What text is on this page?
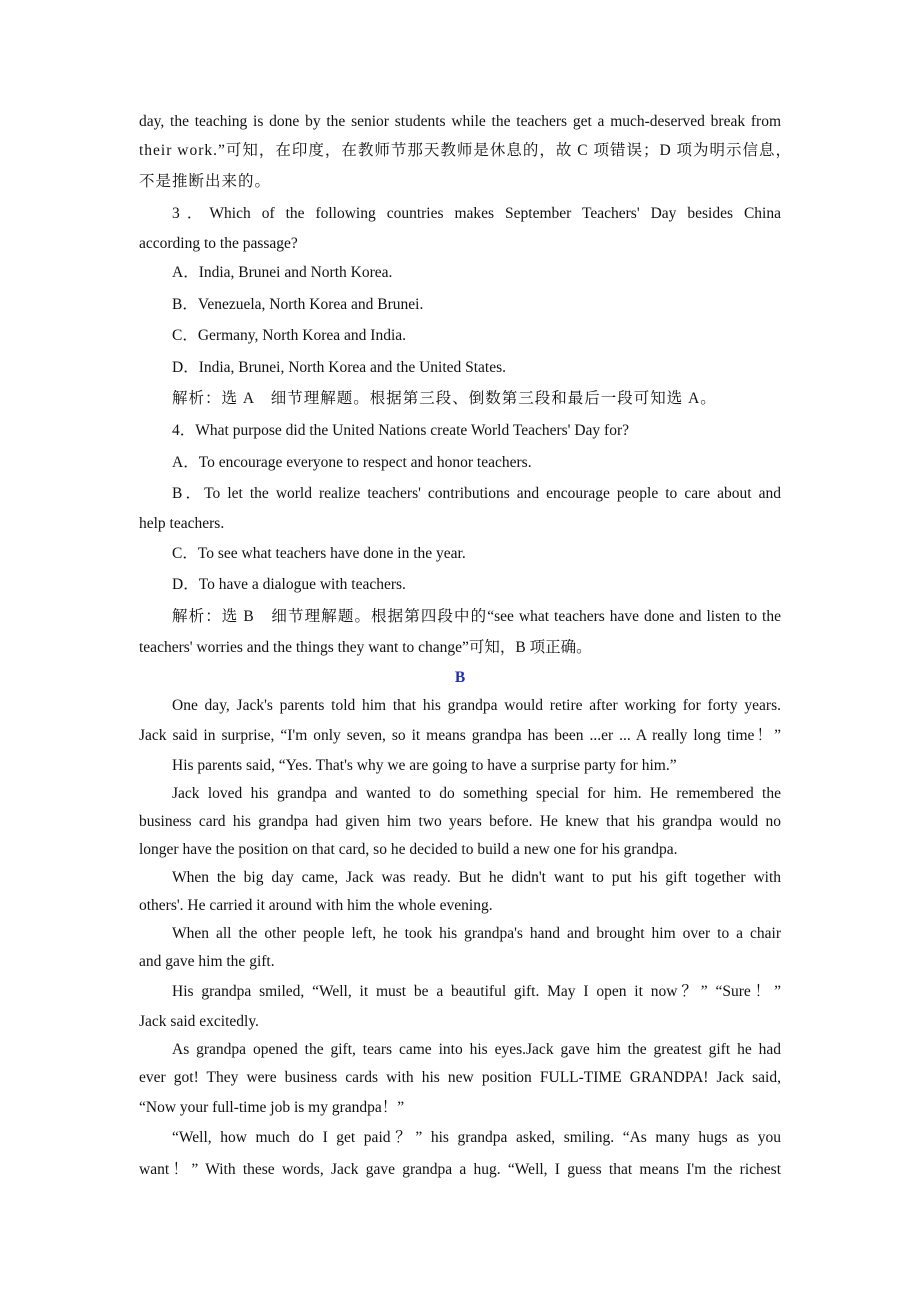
day, the teaching is done by the senior students while the teachers get a much-deserved break from
their work.”可知，在印度，在教师节那天教师是休息的，故 C 项错误；D 项为明示信息，
不是推断出来的。
3．Which of the following countries makes September Teachers' Day besides China
according to the passage?
A．India, Brunei and North Korea.
B．Venezuela, North Korea and Brunei.
C．Germany, North Korea and India.
D．India, Brunei, North Korea and the United States.
解析：选 A　细节理解题。根据第三段、倒数第三段和最后一段可知选 A。
4．What purpose did the United Nations create World Teachers' Day for?
A．To encourage everyone to respect and honor teachers.
B．To let the world realize teachers' contributions and encourage people to care about and
help teachers.
C．To see what teachers have done in the year.
D．To have a dialogue with teachers.
解析：选 B　细节理解题。根据第四段中的“see what teachers have done and listen to the
teachers' worries and the things they want to change”可知，B 项正确。
B
One day, Jack's parents told him that his grandpa would retire after working for forty years.
Jack said in surprise, “I'm only seven, so it means grandpa has been ...er ... A really long time！”
His parents said, “Yes. That's why we are going to have a surprise party for him.”
Jack loved his grandpa and wanted to do something special for him. He remembered the
business card his grandpa had given him two years before. He knew that his grandpa would no
longer have the position on that card, so he decided to build a new one for his grandpa.
When the big day came, Jack was ready. But he didn't want to put his gift together with
others'. He carried it around with him the whole evening.
When all the other people left, he took his grandpa's hand and brought him over to a chair
and gave him the gift.
His grandpa smiled, “Well, it must be a beautiful gift. May I open it now？” “Sure！”
Jack said excitedly.
As grandpa opened the gift, tears came into his eyes.Jack gave him the greatest gift he had
ever got! They were business cards with his new position FULL-TIME GRANDPA! Jack said,
“Now your full-time job is my grandpa！”
“Well, how much do I get paid？” his grandpa asked, smiling. “As many hugs as you
want！” With these words, Jack gave grandpa a hug. “Well, I guess that means I'm the richest
